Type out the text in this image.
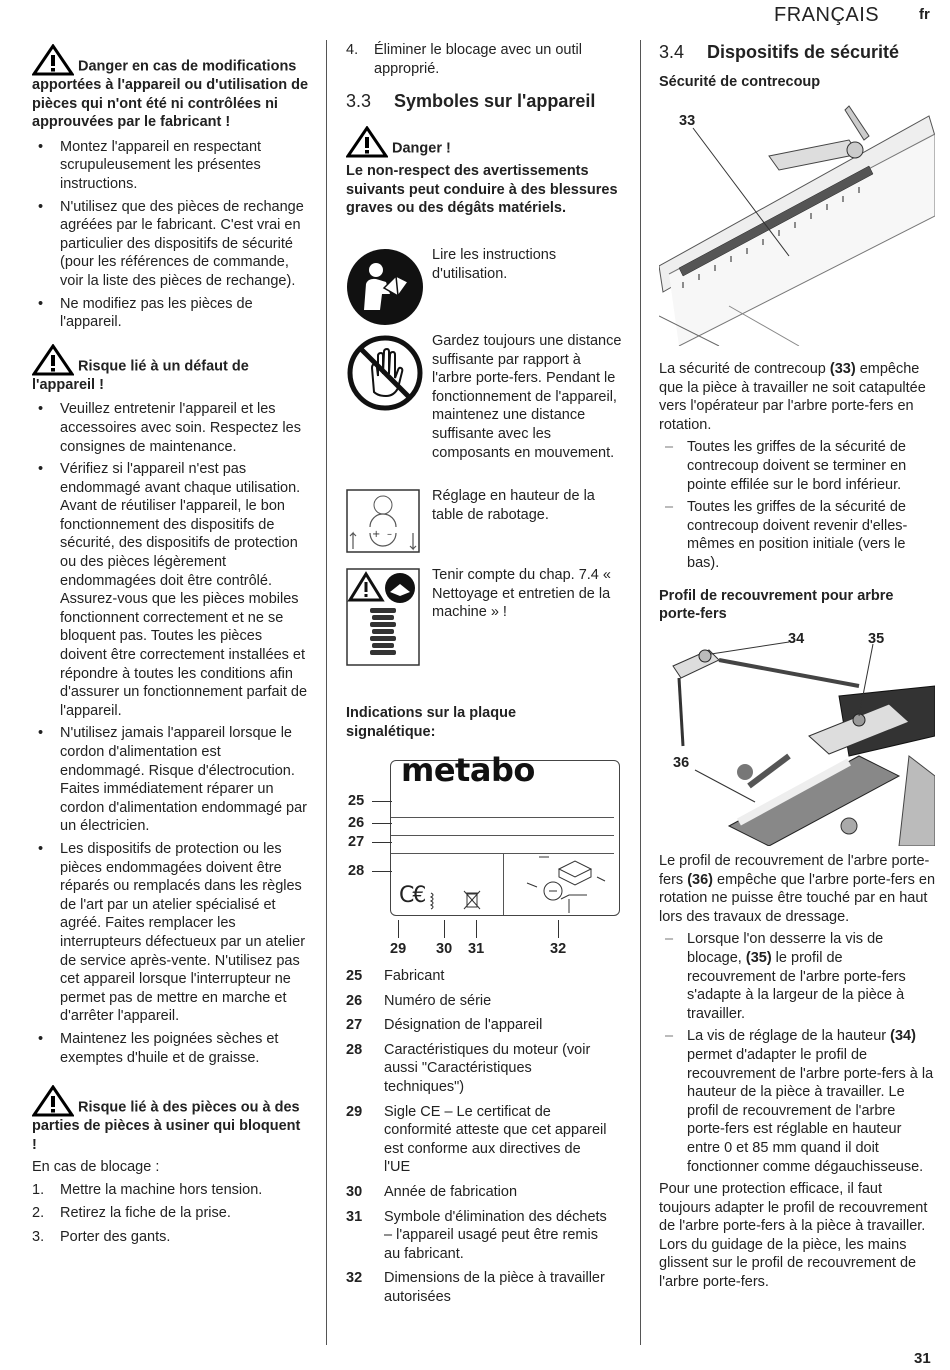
FRANÇAIS	fr
31
Danger en cas de modifications apportées à l'appareil ou d'utilisation de pièces qui n'ont été ni contrôlées ni approuvées par le fabricant !
• Montez l'appareil en respectant scrupuleusement les présentes instructions.
• N'utilisez que des pièces de rechange agréées par le fabricant. C'est vrai en particulier des dispositifs de sécurité (pour les références de commande, voir la liste des pièces de rechange).
• Ne modifiez pas les pièces de l'appareil.
Risque lié à un défaut de l'appareil !
• Veuillez entretenir l'appareil et les accessoires avec soin. Respectez les consignes de maintenance.
• Vérifiez si l'appareil n'est pas endommagé avant chaque utilisation.
Avant de réutiliser l'appareil, le bon fonctionnement des dispositifs de sécurité, des dispositifs de protection ou des pièces légèrement endommagées doit être contrôlé. Assurez-vous que les pièces mobiles fonctionnent correctement et ne se bloquent pas. Toutes les pièces doivent être correctement installées et répondre à toutes les conditions afin d'assurer un fonctionnement parfait de l'appareil.
• N'utilisez jamais l'appareil lorsque le cordon d'alimentation est endommagé. Risque d'électrocution. Faites immédiatement réparer un cordon d'alimentation endommagé par un électricien.
• Les dispositifs de protection ou les pièces endommagées doivent être réparés ou remplacés dans les règles de l'art par un atelier spécialisé et agréé. Faites remplacer les interrupteurs défectueux par un atelier de service après-vente. N'utilisez pas cet appareil lorsque l'interrupteur ne permet pas de mettre en marche et d'arrêter l'appareil.
• Maintenez les poignées sèches et exemptes d'huile et de graisse.
Risque lié à des pièces ou à des parties de pièces à usiner qui bloquent !

En cas de blocage :

1. Mettre la machine hors tension.
2. Retirez la fiche de la prise.
3. Porter des gants.
4. Éliminer le blocage avec un outil approprié.
3.3 Symboles sur l'appareil
Danger !

Le non-respect des avertissements suivants peut conduire à des blessures graves ou des dégâts matériels.

Lire les instructions d'utilisation.
Gardez toujours une distance suffisante par rapport à l'arbre porte-fers. Pendant le fonctionnement de l'appareil, maintenez une distance suffisante avec les composants en mouvement.
+ –
Réglage en hauteur de la table de rabotage.
Tenir compte du chap. 7.4 « Nettoyage et entretien de la machine » !

Indications sur la plaque signalétique:

metabo
C€
25
26
27
28
29 30 31	32
25 Fabricant
26 Numéro de série
27 Désignation de l'appareil
28 Caractéristiques du moteur (voir aussi "Caractéristiques techniques")
29 Sigle CE – Le certificat de conformité atteste que cet appareil est conforme aux directives de l'UE
30 Année de fabrication
31 Symbole d'élimination des déchets – l'appareil usagé peut être remis au fabricant.
32 Dimensions de la pièce à travailler autorisées
3.4 Dispositifs de sécurité
Sécurité de contrecoup
33

La sécurité de contrecoup (33) empêche que la pièce à travailler ne soit catapultée vers l'opérateur par l'arbre porte-fers en rotation.

– Toutes les griffes de la sécurité de contrecoup doivent se terminer en pointe effilée sur le bord inférieur.
– Toutes les griffes de la sécurité de contrecoup doivent revenir d'elles-mêmes en position initiale (vers le bas).

Profil de recouvrement pour arbre porte-fers

34	35
36

Le profil de recouvrement de l'arbre porte-fers (36) empêche que l'arbre porte-fers en rotation ne puisse être touché par en haut lors des travaux de dressage.

– Lorsque l'on desserre la vis de blocage, (35) le profil de recouvrement de l'arbre porte-fers s'adapte à la largeur de la pièce à travailler.
– La vis de réglage de la hauteur (34) permet d'adapter le profil de recouvrement de l'arbre porte-fers à la hauteur de la pièce à travailler. Le profil de recouvrement de l'arbre porte-fers est réglable en hauteur entre 0 et 85 mm quand il doit fonctionner comme dégauchisseuse.

Pour une protection efficace, il faut toujours adapter le profil de recouvrement de l'arbre porte-fers à la pièce à travailler. Lors du guidage de la pièce, les mains glissent sur le profil de recouvrement de l'arbre porte-fers.
